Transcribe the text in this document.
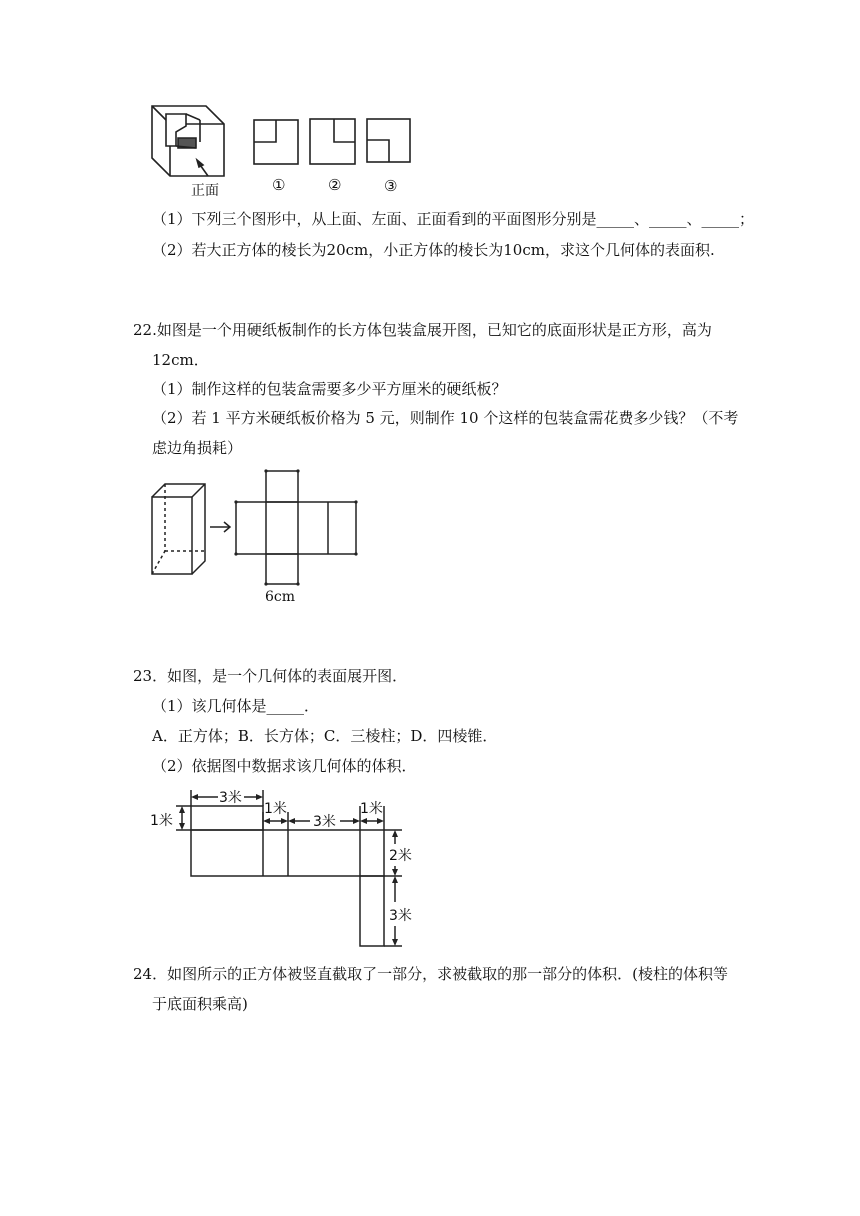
正面	①	②	③
（1）下列三个图形中，从上面、左面、正面看到的平面图形分别是_____、_____、_____；
（2）若大正方体的棱长为20cm，小正方体的棱长为10cm，求这个几何体的表面积.
22.如图是一个用硬纸板制作的长方体包装盒展开图，已知它的底面形状是正方形，高为
12cm．
（1）制作这样的包装盒需要多少平方厘米的硬纸板？
（2）若 1 平方米硬纸板价格为 5 元，则制作 10 个这样的包装盒需花费多少钱？（不考
虑边角损耗）
6cm
23．如图，是一个几何体的表面展开图．
（1）该几何体是_____．
A．正方体；B．长方体；C．三棱柱；D．四棱锥．
（2）依据图中数据求该几何体的体积．
3米
1米
3米
1米
1米
2米
3米
24．如图所示的正方体被竖直截取了一部分，求被截取的那一部分的体积．(棱柱的体积等
于底面积乘高)
